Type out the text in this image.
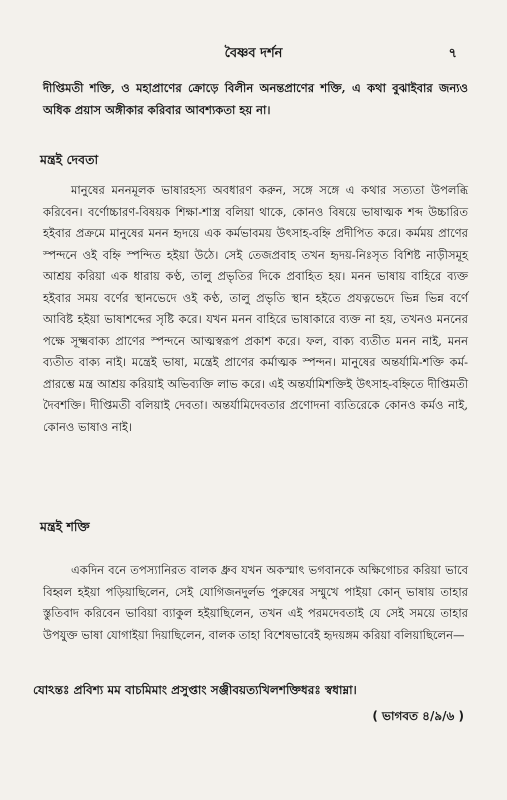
বৈষ্ণব দর্শন	৭

দীপ্তিমতী শক্তি, ও মহাপ্রাণের ক্রোড়ে বিলীন অনন্তপ্রাণের শক্তি, এ কথা বুঝাইবার জন্যও অধিক প্রয়াস অঙ্গীকার করিবার আবশ্যকতা হয় না।

মন্ত্রই দেবতা

মানুষের মননমূলক ভাষারহস্য অবধারণ করুন, সঙ্গে সঙ্গে এ কথার সত্যতা উপলব্ধি করিবেন। বর্ণোচ্চারণ-বিষয়ক শিক্ষা-শাস্ত্র বলিয়া থাকে, কোনও বিষয়ে ভাষাত্মক শব্দ উচ্চারিত হইবার প্রক্রমে মানুষের মনন হৃদয়ে এক কর্মভাবময় উৎসাহ-বহ্নি প্রদীপিত করে। কর্মময় প্রাণের স্পন্দনে ওই বহ্নি স্পন্দিত হইয়া উঠে। সেই তেজপ্রবাহ তখন হৃদয়-নিঃসৃত বিশিষ্ট নাড়ীসমূহ আশ্রয় করিয়া এক ধারায় কণ্ঠ, তালু প্রভৃতির দিকে প্রবাহিত হয়। মনন ভাষায় বাহিরে ব্যক্ত হইবার সময় বর্ণের স্থানভেদে ওই কণ্ঠ, তালু প্রভৃতি স্থান হইতে প্রযত্নভেদে ভিন্ন ভিন্ন বর্ণে আবিষ্ট হইয়া ভাষাশব্দের সৃষ্টি করে। যখন মনন বাহিরে ভাষাকারে ব্যক্ত না হয়, তখনও মননের পক্ষে সূক্ষ্মবাক্য প্রাণের স্পন্দনে আত্মস্বরূপ প্রকাশ করে। ফল, বাক্য ব্যতীত মনন নাই, মনন ব্যতীত বাক্য নাই। মন্ত্রেই ভাষা, মন্ত্রেই প্রাণের কর্মাত্মক স্পন্দন। মানুষের অন্তর্যামি-শক্তি কর্ম-প্রারম্ভে মন্ত্র আশ্রয় করিয়াই অভিব্যক্তি লাভ করে। এই অন্তর্যামিশক্তিই উৎসাহ-বহ্নিতে দীপ্তিমতী দৈবশক্তি। দীপ্তিমতী বলিয়াই দেবতা। অন্তর্যামিদেবতার প্রণোদনা ব্যতিরেকে কোনও কর্মও নাই, কোনও ভাষাও নাই।

মন্ত্রই শক্তি

একদিন বনে তপস্যানিরত বালক ধ্রুব যখন অকস্মাৎ ভগবানকে অক্ষিগোচর করিয়া ভাবে বিহ্বল হইয়া পড়িয়াছিলেন, সেই যোগিজনদুর্লভ পুরুষের সম্মুখে পাইয়া কোন্ ভাষায় তাহার স্তুতিবাদ করিবেন ভাবিয়া ব্যাকুল হইয়াছিলেন, তখন এই পরমদেবতাই যে সেই সময়ে তাহার উপযুক্ত ভাষা যোগাইয়া দিয়াছিলেন, বালক তাহা বিশেষভাবেই হৃদয়ঙ্গম করিয়া বলিয়াছিলেন—

যোঽন্তঃ প্রবিশ্য মম বাচমিমাং প্রসুপ্তাং সঞ্জীবয়ত্যখিলশক্তিধরঃ স্বধাম্না।
( ভাগবত ৪/৯/৬ )
